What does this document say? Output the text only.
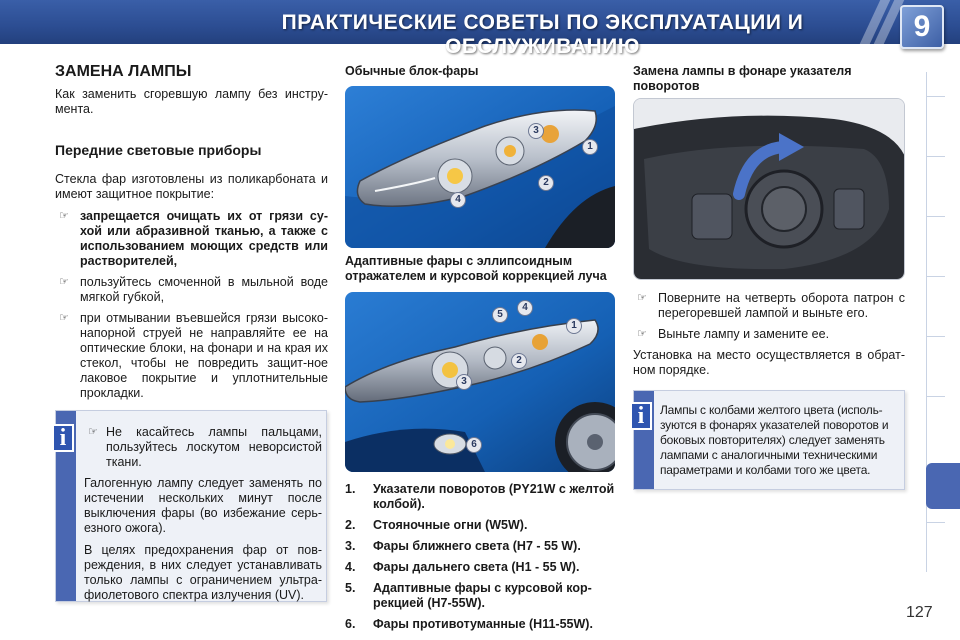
ПРАКТИЧЕСКИЕ СОВЕТЫ ПО ЭКСПЛУАТАЦИИ И ОБСЛУЖИВАНИЮ
9
ЗАМЕНА ЛАМПЫ
Как заменить сгоревшую лампу без инстру-мента.
Передние световые приборы
Стекла фар изготовлены из поликарбоната и имеют защитное покрытие:
☞ запрещается очищать их от грязи су-хой или абразивной тканью, а также с использованием моющих средств или растворителей,
☞ пользуйтесь смоченной в мыльной воде мягкой губкой,
☞ при отмывании въевшейся грязи высоко-напорной струей не направляйте ее на оптические блоки, на фонари и на края их стекол, чтобы не повредить защит-ное лаковое покрытие и уплотнительные прокладки.
☞ Не касайтесь лампы пальцами, пользуйтесь лоскутом неворсистой ткани.
Галогенную лампу следует заменять по истечении нескольких минут после выключения фары (во избежание серь-езного ожога).
В целях предохранения фар от пов-реждения, в них следует устанавливать только лампы с ограничением ультра-фиолетового спектра излучения (UV).
i
Обычные блок-фары
3
1
2
4
Адаптивные фары с эллипсоидным отражателем и курсовой коррекцией луча
5
4
1
2
3
6
1. Указатели поворотов (PY21W с желтой колбой).
2. Стояночные огни (W5W).
3. Фары ближнего света (H7 - 55 W).
4. Фары дальнего света (H1 - 55 W).
5. Адаптивные фары с курсовой кор-рекцией (H7-55W).
6. Фары противотуманные (H11-55W).
Замена лампы в фонаре указателя поворотов
☞ Поверните на четверть оборота патрон с перегоревшей лампой и выньте его.
☞ Выньте лампу и замените ее.
Установка на место осуществляется в обрат-ном порядке.
Лампы с колбами желтого цвета (исполь-зуются в фонарях указателей поворотов и боковых повторителях) следует заменять лампами с аналогичными техническими параметрами и колбами того же цвета.
i
127
